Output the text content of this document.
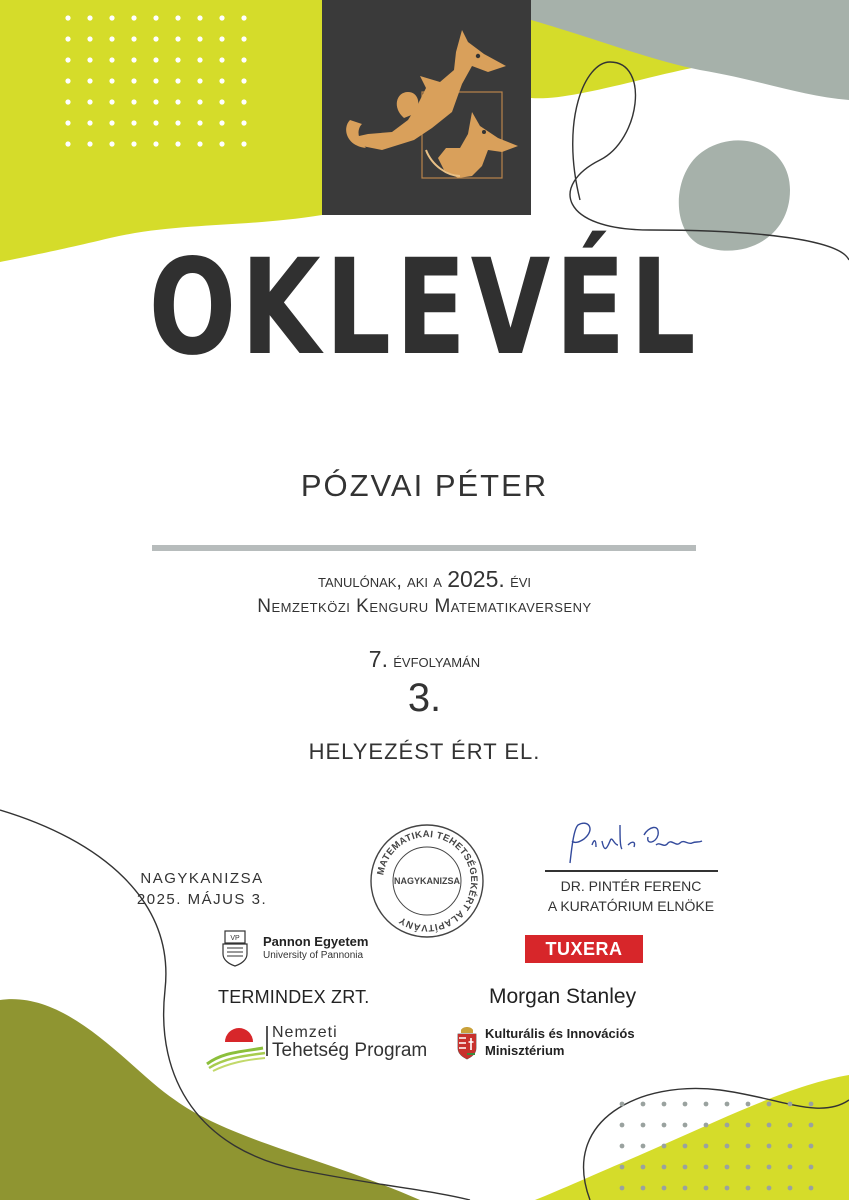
OKLEVÉL
PÓZVAI PÉTER
tanulónak, aki a 2025. évi
Nemzetközi Kenguru Matematikaverseny
7. évfolyamán
3.
HELYEZÉST ÉRT EL.
NAGYKANIZSA
2025. MÁJUS 3.
MATEMATIKAI TEHETSÉGEKÉRT ALAPÍTVÁNY
NAGYKANIZSA
Pintér Ferenc
DR. PINTÉR FERENC
A KURATÓRIUM ELNÖKE
VP Pannon Egyetem
University of Pannonia	TUXERA
TERMINDEX ZRT.	Morgan Stanley
Nemzeti
Tehetség Program
Kulturális és Innovációs
Minisztérium
